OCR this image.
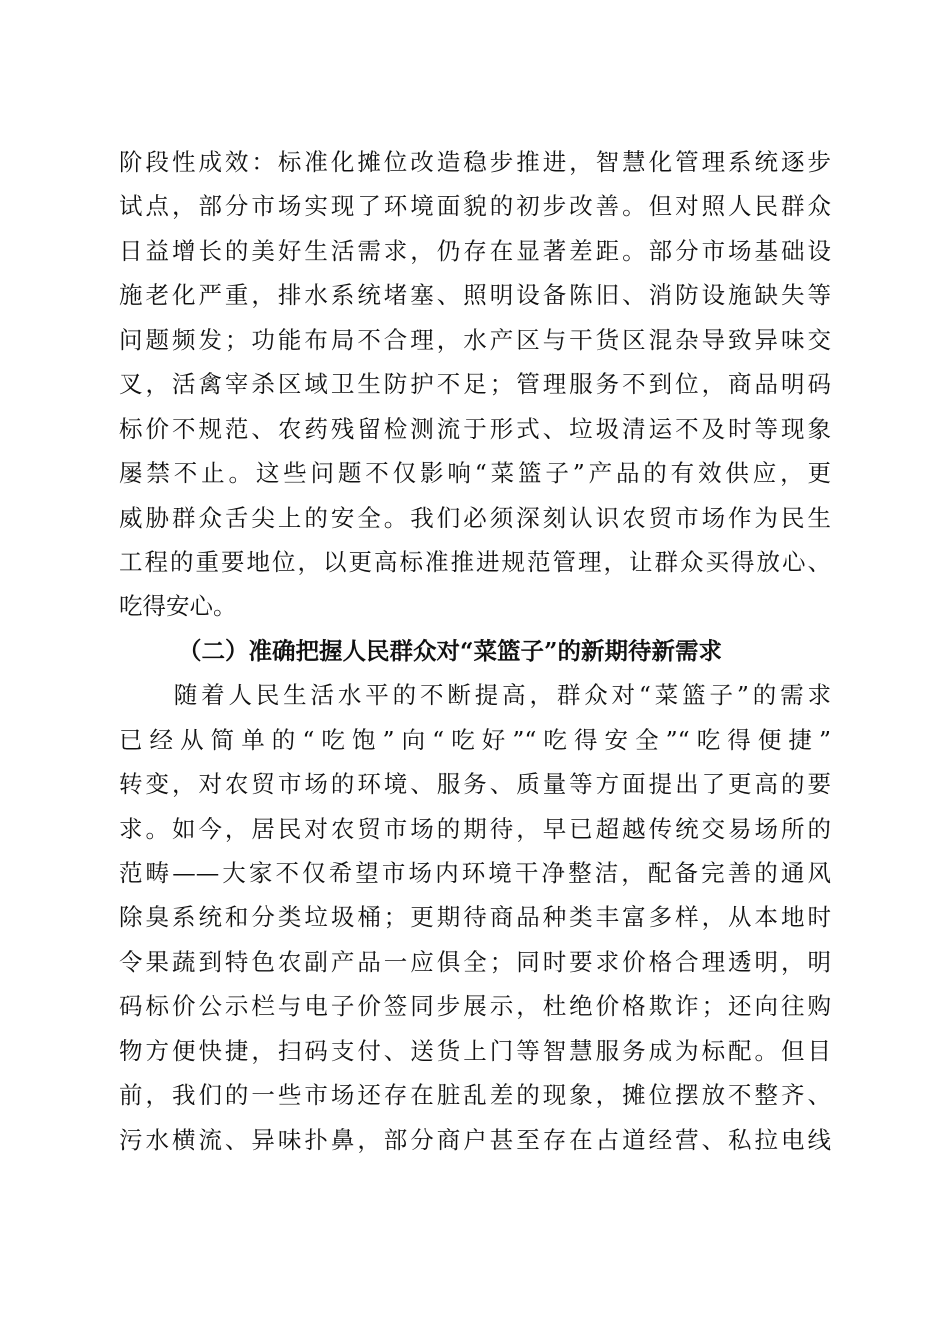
阶段性成效：标准化摊位改造稳步推进，智慧化管理系统逐步
试点，部分市场实现了环境面貌的初步改善。但对照人民群众
日益增长的美好生活需求，仍存在显著差距。部分市场基础设
施老化严重，排水系统堵塞、照明设备陈旧、消防设施缺失等
问题频发；功能布局不合理，水产区与干货区混杂导致异味交
叉，活禽宰杀区域卫生防护不足；管理服务不到位，商品明码
标价不规范、农药残留检测流于形式、垃圾清运不及时等现象
屡禁不止。这些问题不仅影响“菜篮子”产品的有效供应，更
威胁群众舌尖上的安全。我们必须深刻认识农贸市场作为民生
工程的重要地位，以更高标准推进规范管理，让群众买得放心、
吃得安心。
（二）准确把握人民群众对“菜篮子”的新期待新需求
　　随着人民生活水平的不断提高，群众对“菜篮子”的需求
已经从简单的“吃饱”向“吃好”“吃得安全”“吃得便捷”
转变，对农贸市场的环境、服务、质量等方面提出了更高的要
求。如今，居民对农贸市场的期待，早已超越传统交易场所的
范畴——大家不仅希望市场内环境干净整洁，配备完善的通风
除臭系统和分类垃圾桶；更期待商品种类丰富多样，从本地时
令果蔬到特色农副产品一应俱全；同时要求价格合理透明，明
码标价公示栏与电子价签同步展示，杜绝价格欺诈；还向往购
物方便快捷，扫码支付、送货上门等智慧服务成为标配。但目
前，我们的一些市场还存在脏乱差的现象，摊位摆放不整齐、
污水横流、异味扑鼻，部分商户甚至存在占道经营、私拉电线
